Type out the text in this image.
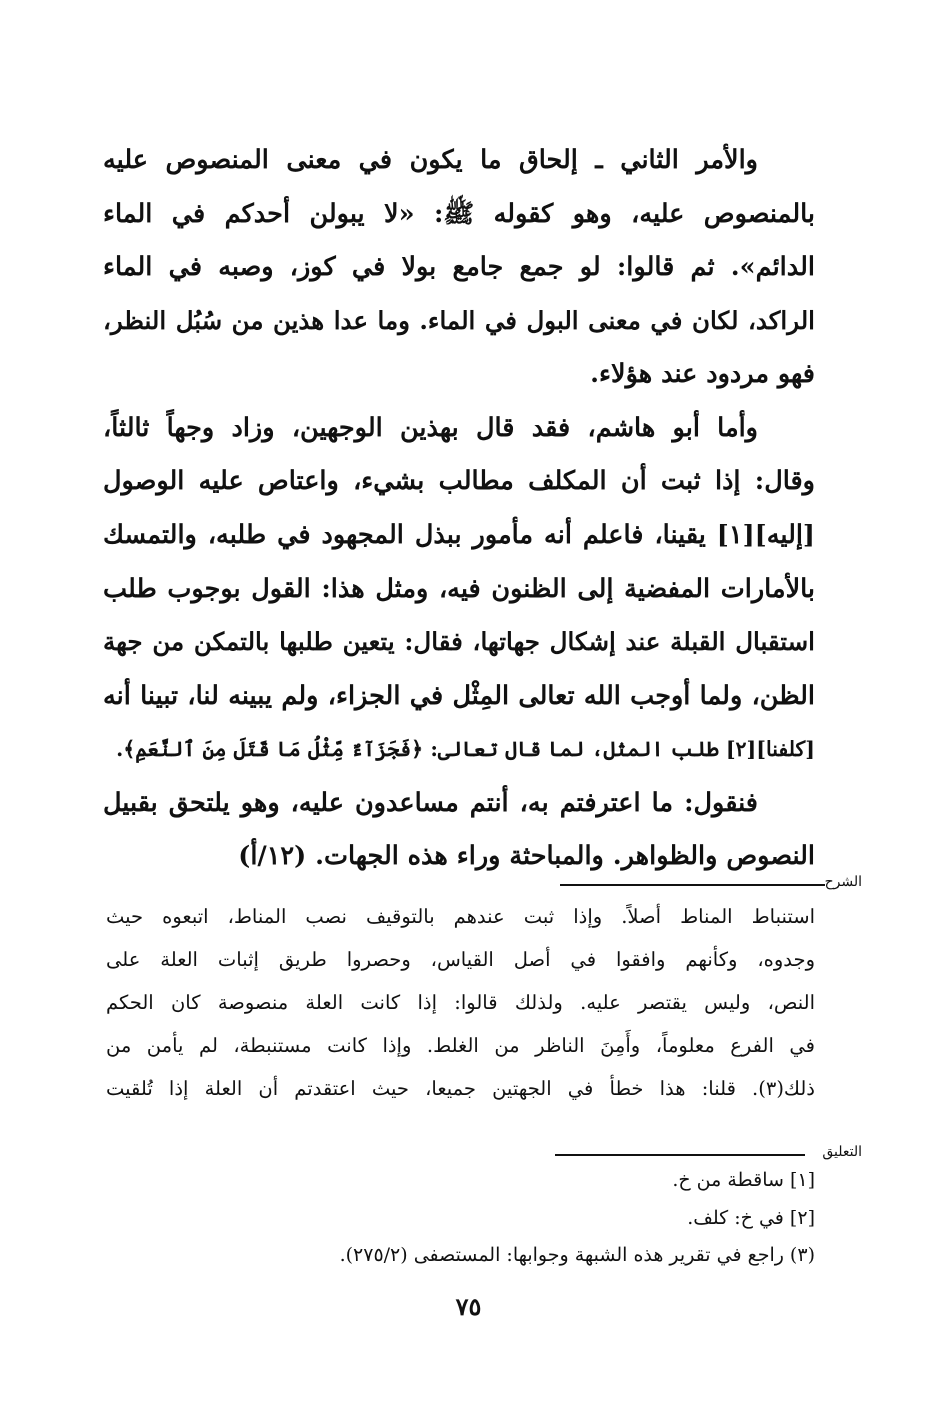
والأمر الثاني ـ إلحاق ما يكون في معنى المنصوص عليه
بالمنصوص عليه، وهو كقوله ﷺ: «لا يبولن أحدكم في الماء
الدائم». ثم قالوا: لو جمع جامع بولا في كوز، وصبه في الماء
الراكد، لكان في معنى البول في الماء. وما عدا هذين من سُبُل النظر،
فهو مردود عند هؤلاء.
وأما أبو هاشم، فقد قال بهذين الوجهين، وزاد وجهاً ثالثاً،
وقال: إذا ثبت أن المكلف مطالب بشيء، واعتاص عليه الوصول
[إليه][١] يقينا، فاعلم أنه مأمور ببذل المجهود في طلبه، والتمسك
بالأمارات المفضية إلى الظنون فيه، ومثل هذا: القول بوجوب طلب
استقبال القبلة عند إشكال جهاتها، فقال: يتعين طلبها بالتمكن من جهة
الظن، ولما أوجب الله تعالى المِثْل في الجزاء، ولم يبينه لنا، تبينا أنه
[كلفنا][٢] طلب المثل، لما قال تعالى: ﴿فَجَزَآءٌ مِّثْلُ مَا قَتَلَ مِنَ ٱلنَّعَمِ﴾.
فنقول: ما اعترفتم به، أنتم مساعدون عليه، وهو يلتحق بقبيل
النصوص والظواهر. والمباحثة وراء هذه الجهات. (١٢/أ)
الشرح
استنباط المناط أصلاً. وإذا ثبت عندهم بالتوقيف نصب المناط، اتبعوه حيث
وجدوه، وكأنهم وافقوا في أصل القياس، وحصروا طريق إثبات العلة على
النص، وليس يقتصر عليه. ولذلك قالوا: إذا كانت العلة منصوصة كان الحكم
في الفرع معلوماً، وأَمِنَ الناظر من الغلط. وإذا كانت مستنبطة، لم يأمن من
ذلك(٣). قلنا: هذا خطأ في الجهتين جميعا، حيث اعتقدتم أن العلة إذا تُلقيت
التعليق
[١] ساقطة من خ.
[٢] في خ: كلف.
(٣) راجع في تقرير هذه الشبهة وجوابها: المستصفى (٢٧٥/٢).
٧٥
